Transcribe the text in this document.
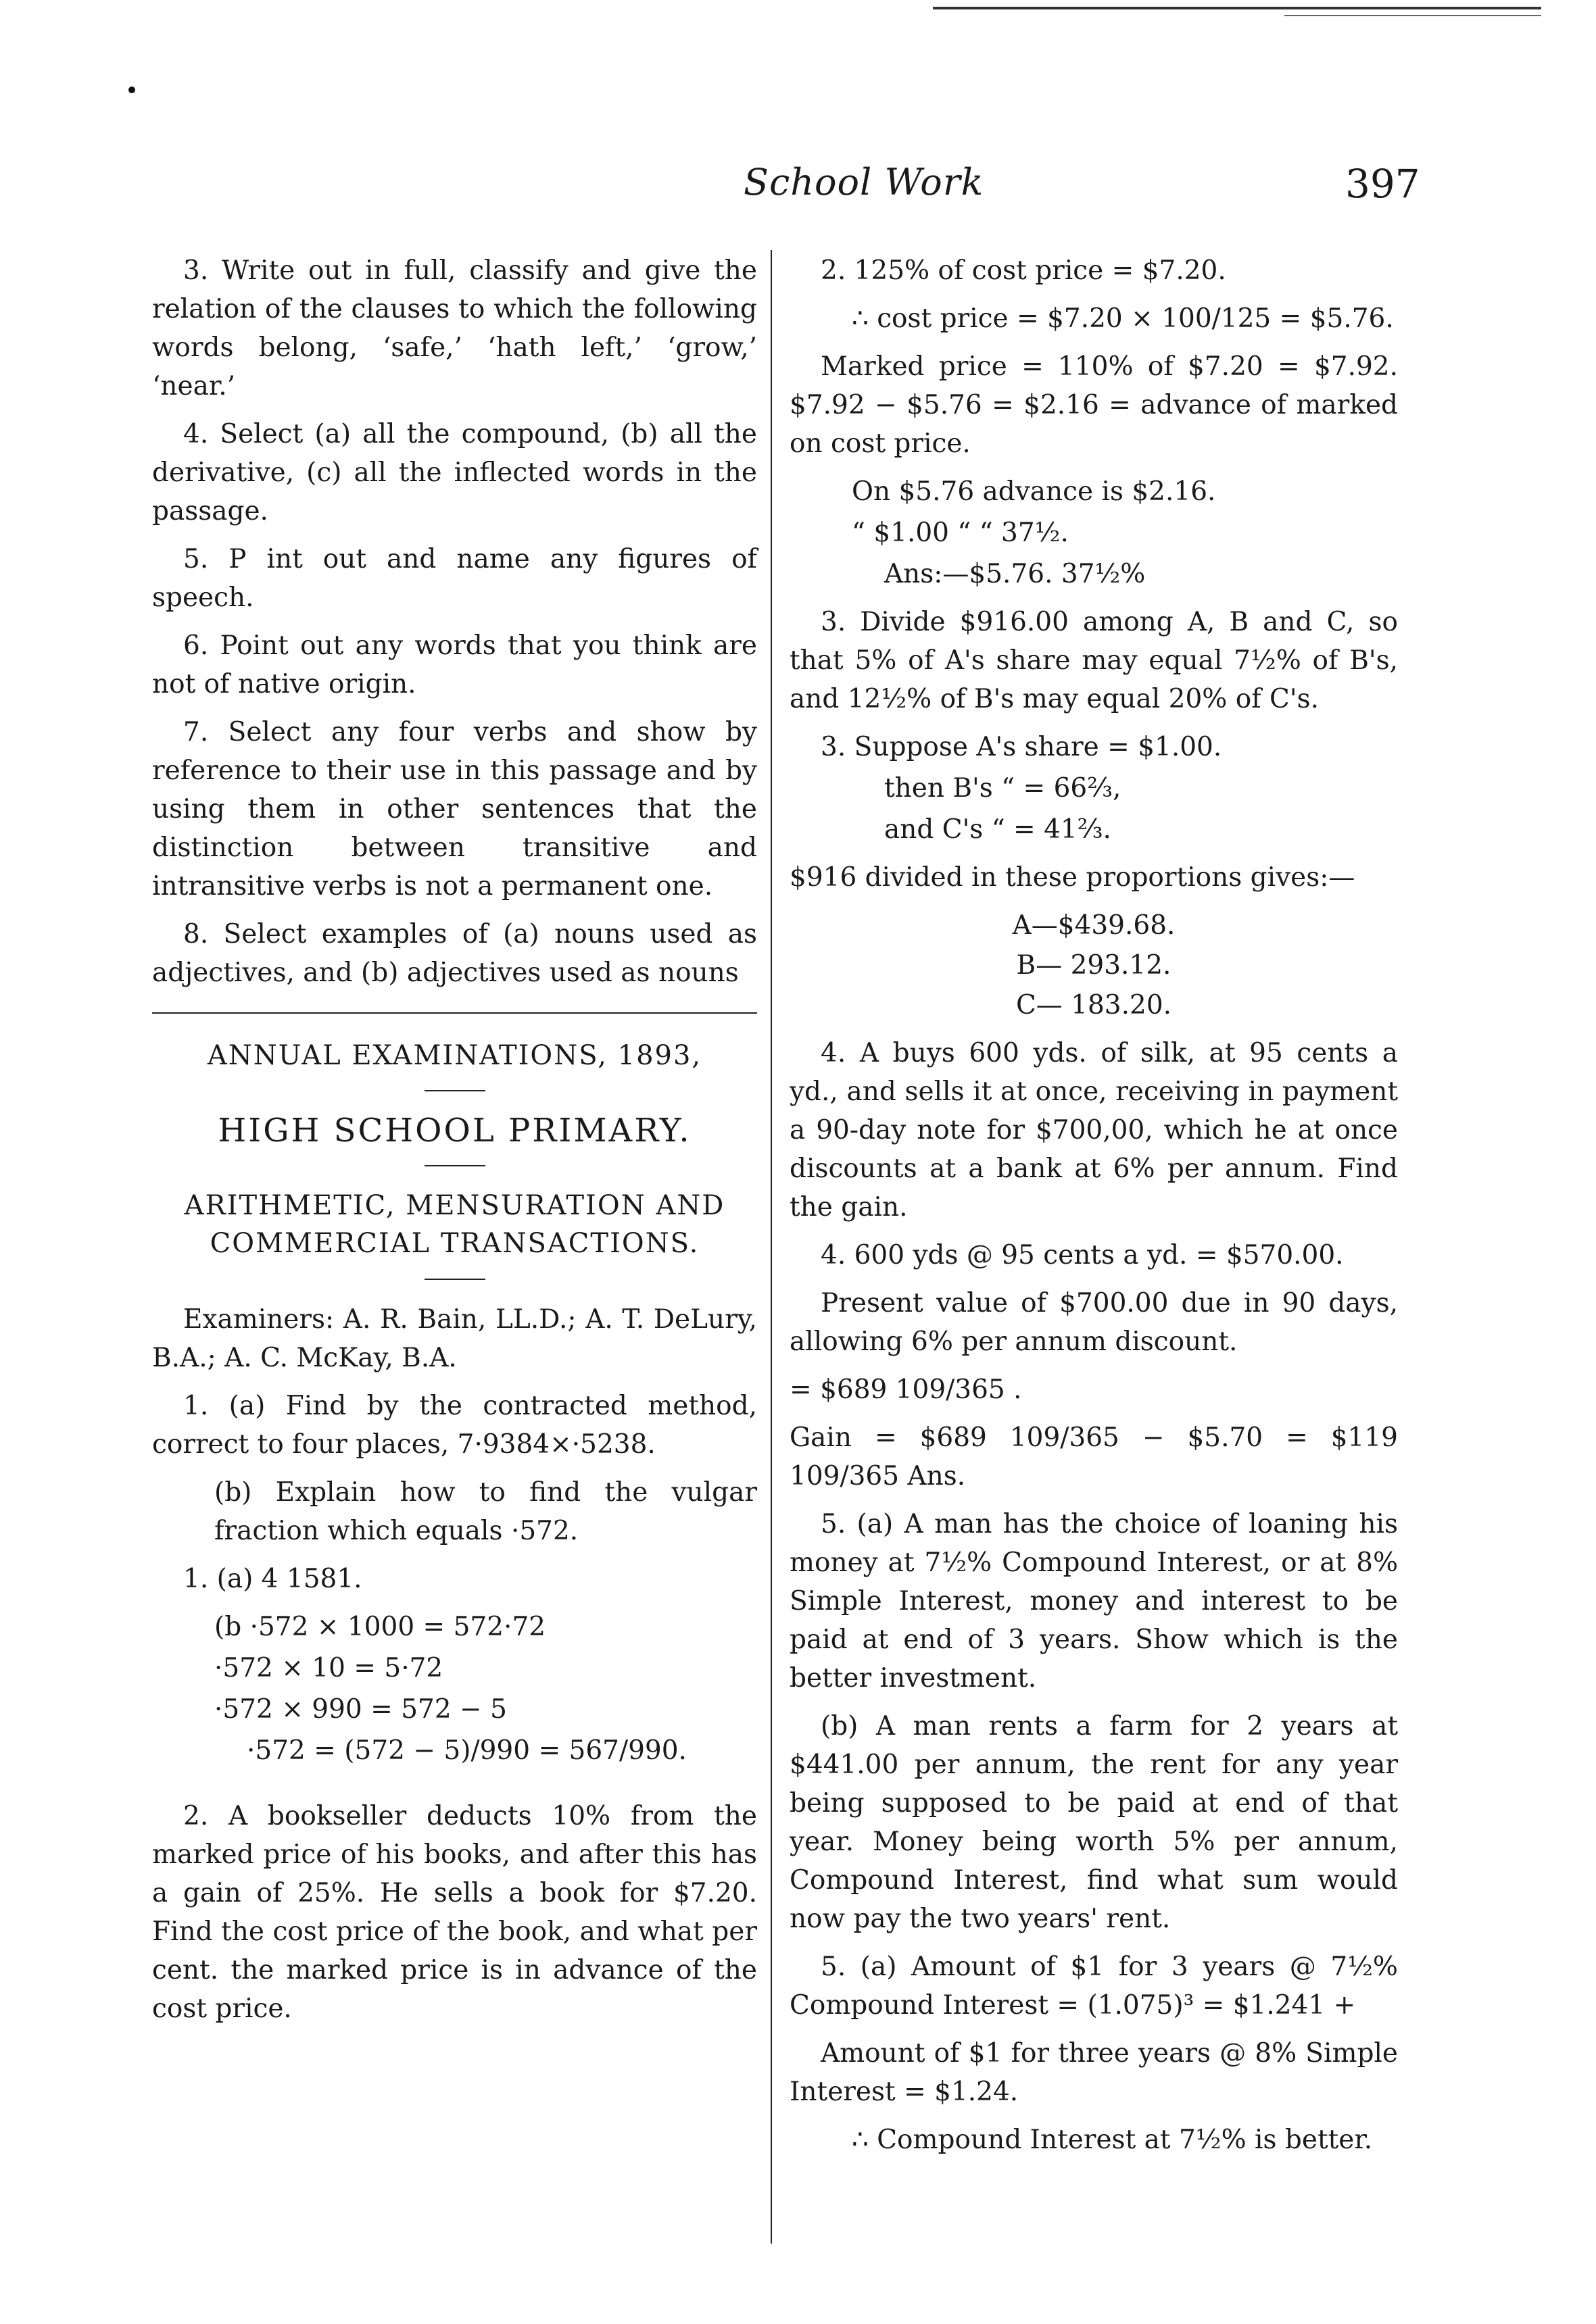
School Work	397

3. Write out in full, classify and give the relation of the clauses to which the following words belong, ‘safe,’ ‘hath left,’ ‘grow,’ ‘near.’

4. Select (a) all the compound, (b) all the derivative, (c) all the inflected words in the passage.

5. P int out and name any figures of speech.

6. Point out any words that you think are not of native origin.

7. Select any four verbs and show by reference to their use in this passage and by using them in other sentences that the distinction between transitive and intransitive verbs is not a permanent one.

8. Select examples of (a) nouns used as adjectives, and (b) adjectives used as nouns

ANNUAL EXAMINATIONS, 1893,
HIGH SCHOOL PRIMARY.
ARITHMETIC, MENSURATION AND
COMMERCIAL TRANSACTIONS.

Examiners: A. R. Bain, LL.D.; A. T. DeLury, B.A.; A. C. McKay, B.A.

1. (a) Find by the contracted method, correct to four places, 7·9384×·5238.

(b) Explain how to find the vulgar fraction which equals ·572.

1. (a) 4 1581.

(b ·572 × 1000 = 572·72

·572 × 10 = 5·72

·572 × 990 = 572 − 5

·572 = (572 − 5)/990 = 567/990.

2. A bookseller deducts 10% from the marked price of his books, and after this has a gain of 25%. He sells a book for $7.20. Find the cost price of the book, and what per cent. the marked price is in advance of the cost price.

2. 125% of cost price = $7.20.

∴ cost price = $7.20 × 100/125 = $5.76.

Marked price = 110% of $7.20 = $7.92. $7.92 − $5.76 = $2.16 = advance of marked on cost price.

On $5.76 advance is $2.16.

“ $1.00 “ “ 37½.

Ans:—$5.76. 37½%

3. Divide $916.00 among A, B and C, so that 5% of A's share may equal 7½% of B's, and 12½% of B's may equal 20% of C's.

3. Suppose A's share = $1.00.

then B's “ = 66⅔,

and C's “ = 41⅔.

$916 divided in these proportions gives:—

A—$439.68.

B— 293.12.

C— 183.20.

4. A buys 600 yds. of silk, at 95 cents a yd., and sells it at once, receiving in payment a 90-day note for $700,00, which he at once discounts at a bank at 6% per annum. Find the gain.

4. 600 yds @ 95 cents a yd. = $570.00.

Present value of $700.00 due in 90 days, allowing 6% per annum discount.

= $689 109/365 .

Gain = $689 109/365 − $5.70 = $119 109/365 Ans.

5. (a) A man has the choice of loaning his money at 7½% Compound Interest, or at 8% Simple Interest, money and interest to be paid at end of 3 years. Show which is the better investment.

(b) A man rents a farm for 2 years at $441.00 per annum, the rent for any year being supposed to be paid at end of that year. Money being worth 5% per annum, Compound Interest, find what sum would now pay the two years' rent.

5. (a) Amount of $1 for 3 years @ 7½% Compound Interest = (1.075)³ = $1.241 +

Amount of $1 for three years @ 8% Simple Interest = $1.24.

∴ Compound Interest at 7½% is better.
